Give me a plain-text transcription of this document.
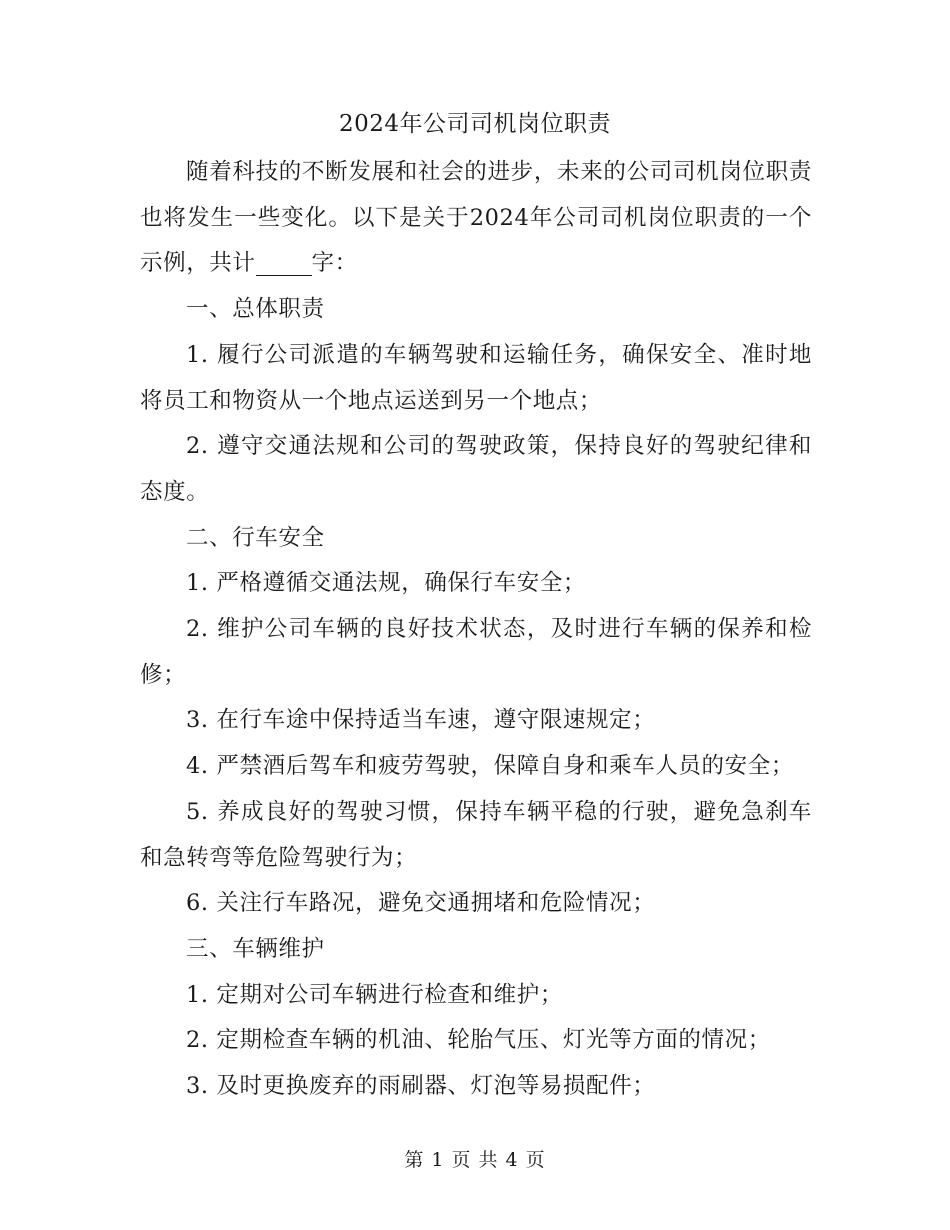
2024年公司司机岗位职责

随着科技的不断发展和社会的进步，未来的公司司机岗位职责也将发生一些变化。以下是关于2024年公司司机岗位职责的一个示例，共计 字：

一、总体职责

1. 履行公司派遣的车辆驾驶和运输任务，确保安全、准时地将员工和物资从一个地点运送到另一个地点；

2. 遵守交通法规和公司的驾驶政策，保持良好的驾驶纪律和态度。

二、行车安全

1. 严格遵循交通法规，确保行车安全；

2. 维护公司车辆的良好技术状态，及时进行车辆的保养和检修；

3. 在行车途中保持适当车速，遵守限速规定；

4. 严禁酒后驾车和疲劳驾驶，保障自身和乘车人员的安全；

5. 养成良好的驾驶习惯，保持车辆平稳的行驶，避免急刹车和急转弯等危险驾驶行为；

6. 关注行车路况，避免交通拥堵和危险情况；

三、车辆维护

1. 定期对公司车辆进行检查和维护；

2. 定期检查车辆的机油、轮胎气压、灯光等方面的情况；

3. 及时更换废弃的雨刷器、灯泡等易损配件；

第 1 页 共 4 页
